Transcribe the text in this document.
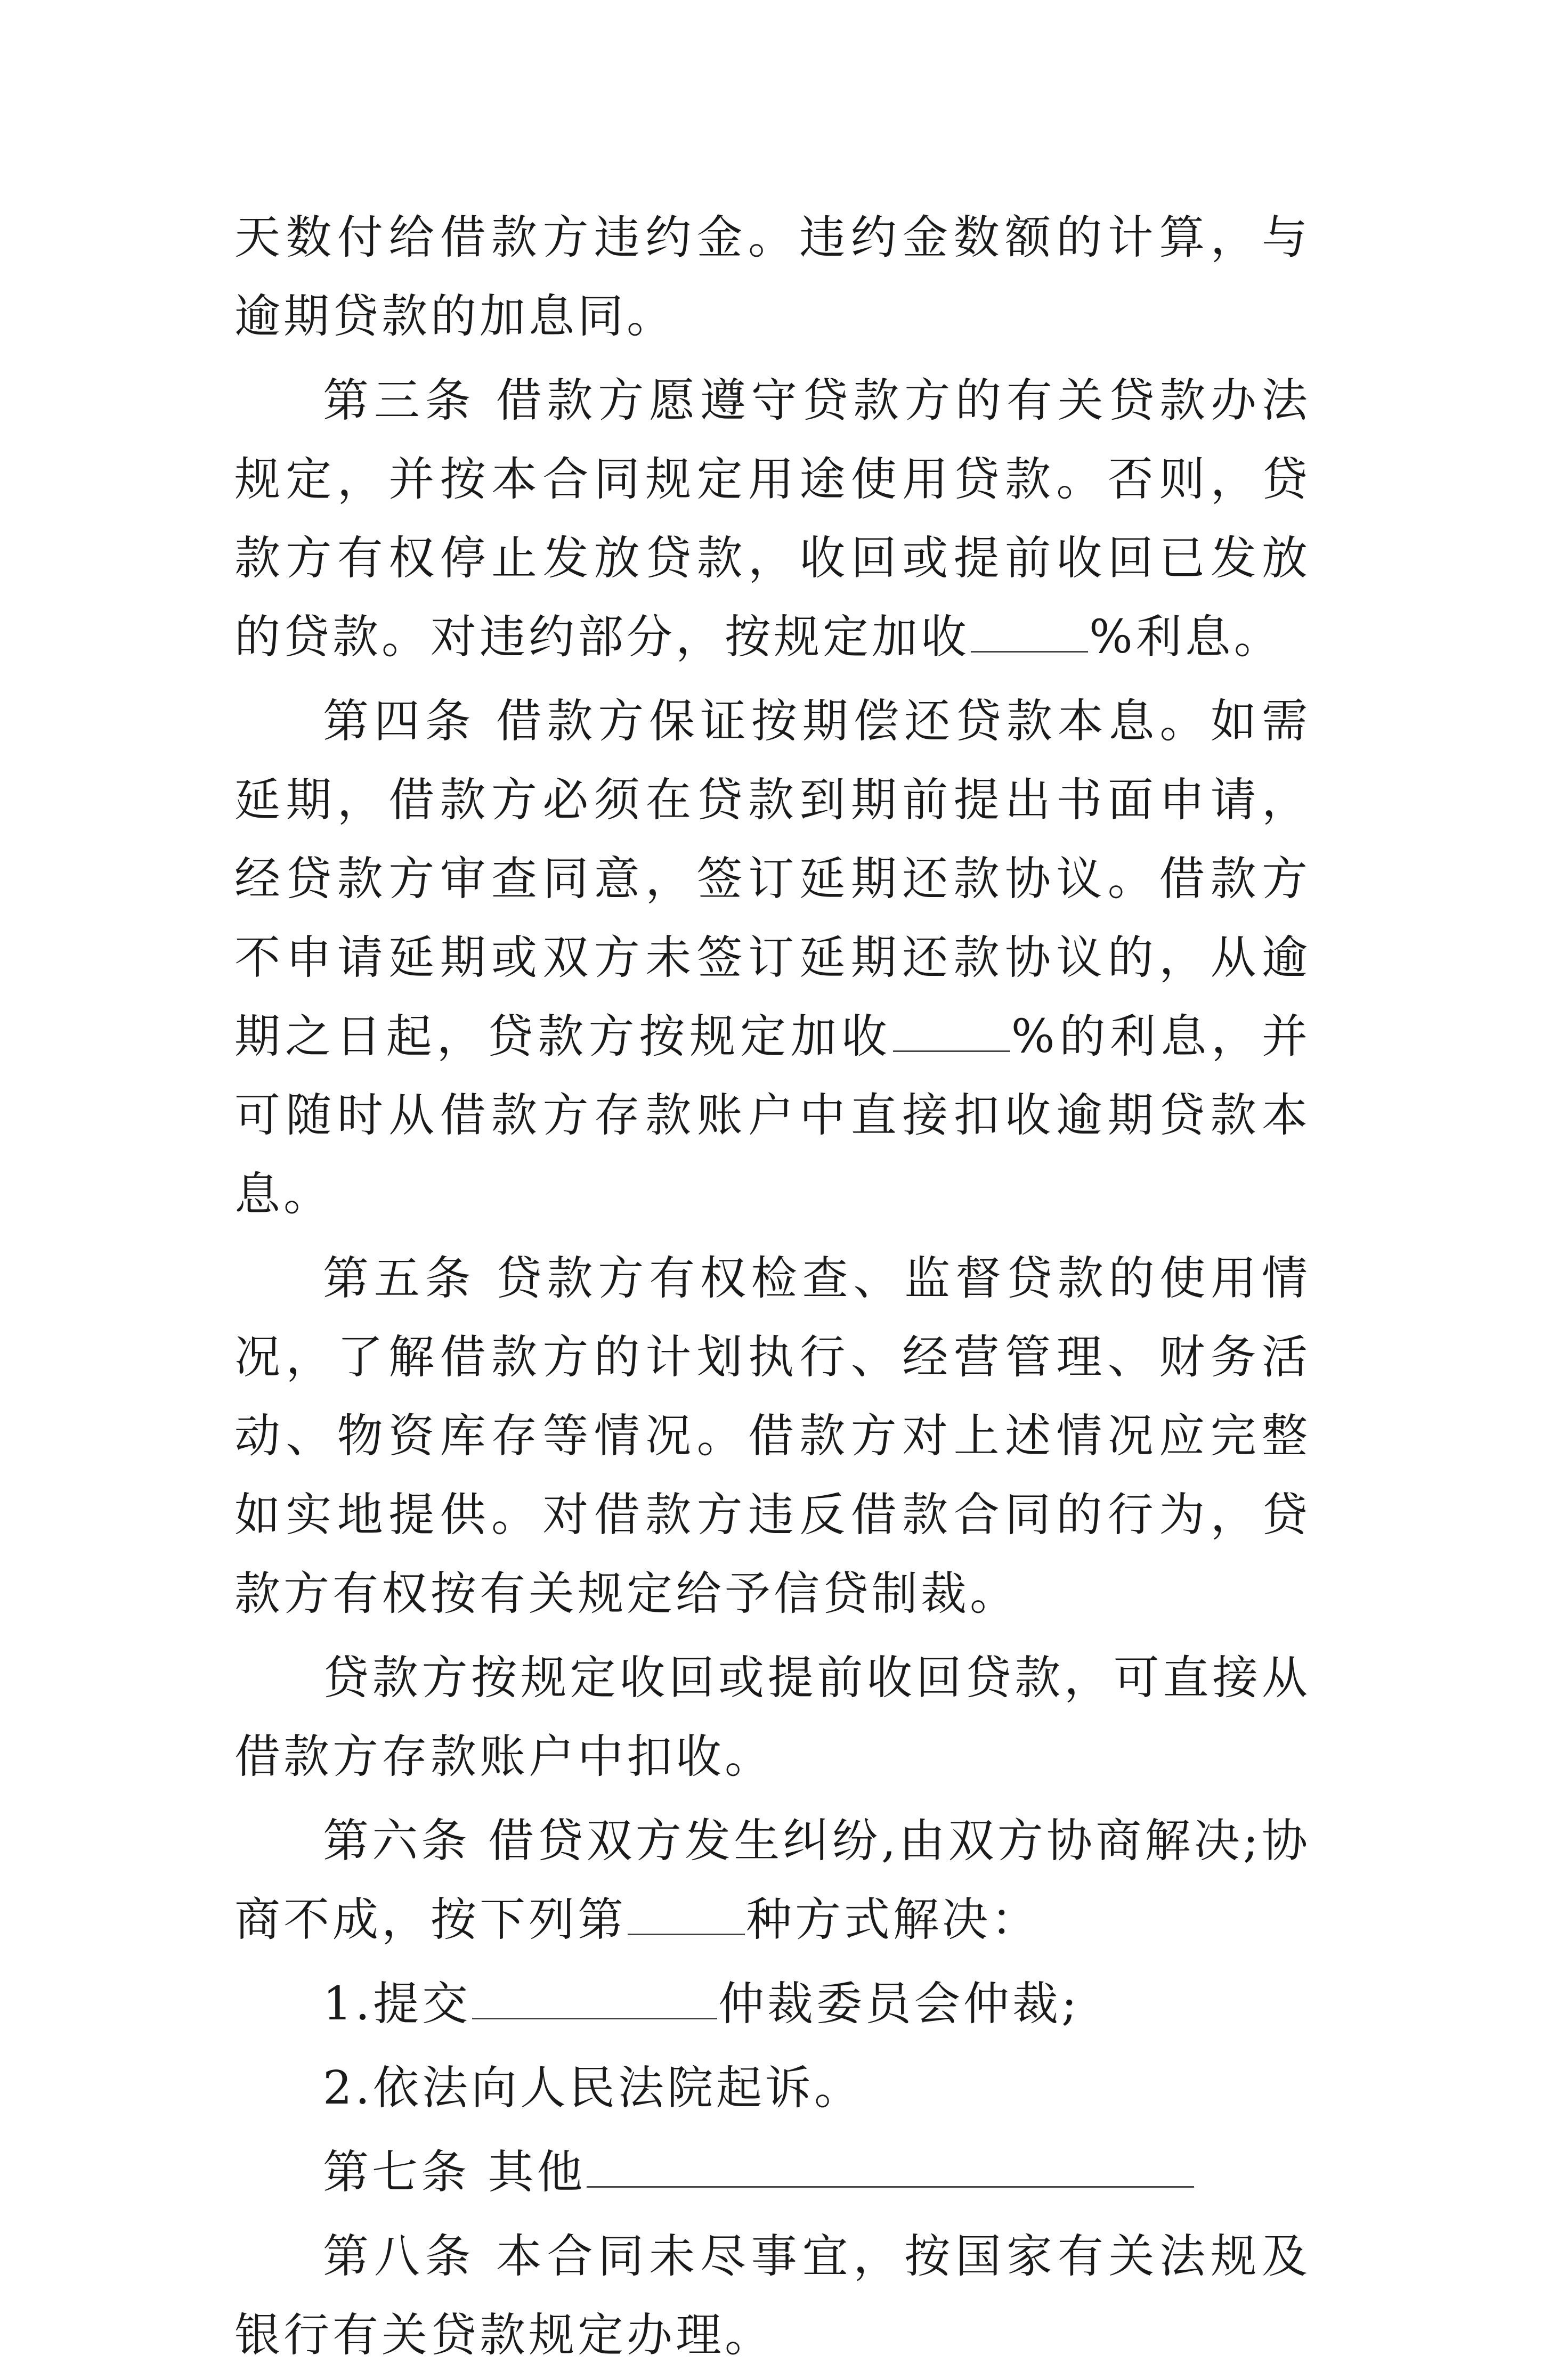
天数付给借款方违约金。违约金数额的计算，与逾期贷款的加息同。

第三条 借款方愿遵守贷款方的有关贷款办法规定，并按本合同规定用途使用贷款。否则，贷款方有权停止发放贷款，收回或提前收回已发放的贷款。对违约部分，按规定加收	%利息。

第四条 借款方保证按期偿还贷款本息。如需延期，借款方必须在贷款到期前提出书面申请，经贷款方审查同意，签订延期还款协议。借款方不申请延期或双方未签订延期还款协议的，从逾期之日起，贷款方按规定加收	%的利息，并可随时从借款方存款账户中直接扣收逾期贷款本息。

第五条 贷款方有权检查、监督贷款的使用情况，了解借款方的计划执行、经营管理、财务活动、物资库存等情况。借款方对上述情况应完整如实地提供。对借款方违反借款合同的行为，贷款方有权按有关规定给予信贷制裁。

贷款方按规定收回或提前收回贷款，可直接从借款方存款账户中扣收。

第六条 借贷双方发生纠纷,由双方协商解决;协商不成，按下列第	种方式解决：

1.提交	仲裁委员会仲裁;

2.依法向人民法院起诉。

第七条 其他

第八条 本合同未尽事宜，按国家有关法规及银行有关贷款规定办理。
